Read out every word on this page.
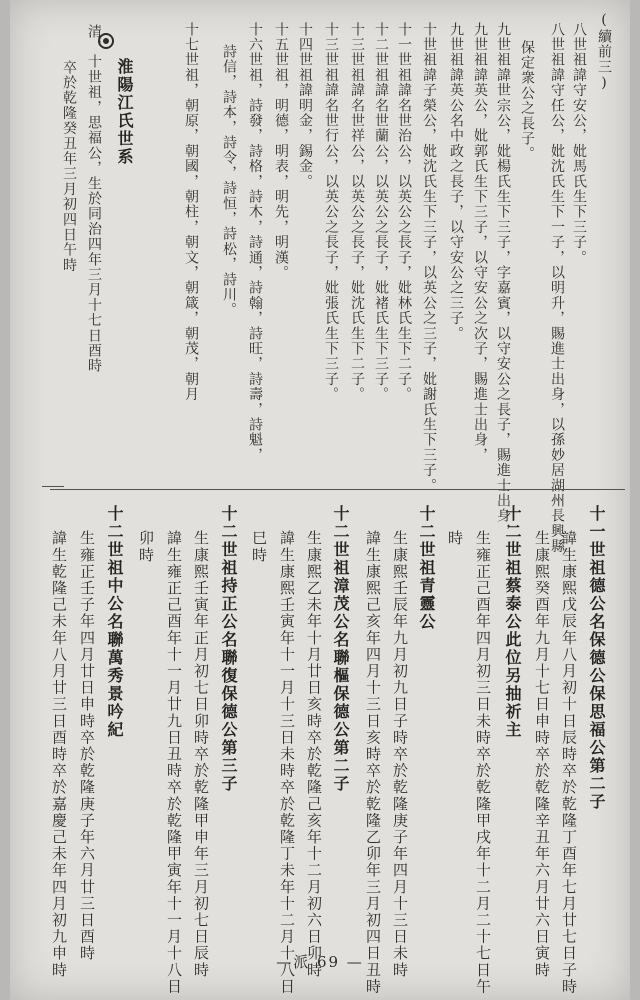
(續前三)
八世祖諱守安公，妣馬氏生下三子。
八世祖諱守任公，妣沈氏生下一子，以明升，賜進士出身，以孫妙居湖州長興縣
保定衆公之長子。
九世祖諱世宗公，妣楊氏生下三子，字嘉賓，以守安公之長子，賜進士出身，
九世祖諱英公，妣郭氏生下三子，以守安公之次子，賜進士出身，
九世祖諱英公名中政之長子，以守安公之三子。
十世祖諱子榮公，妣沈氏生下三子，以英公之三子，妣謝氏生下三子。
十一世祖諱名世治公，以英公之長子，妣林氏生下二子。
十二世祖諱名世蘭公，以英公之長子，妣褚氏生下三子。
十三世祖諱名世祥公，以英公之長子，妣沈氏生下二子。
十三世祖諱名世行公，以英公之長子，妣張氏生下三子。
十四世祖諱明金，錫金。
十五世祖，明德，明表，明先，明漢。
十六世祖，詩發，詩格，詩木，詩通，詩翰，詩旺，詩壽，詩魁，
詩信，詩本，詩令，詩恒，詩松，詩川。
十七世祖，朝原，朝國，朝柱，朝文，朝箴，朝茂，朝月
淮陽江氏世系
清，十世祖，思福公，生於同治四年三月十七日酉時
卒於乾隆癸丑年三月初四日午時
十一世祖德公名保德公保思福公第二子
諱生康熙戊辰年八月初十日辰時卒於乾隆丁酉年七月廿七日子時
生康熙癸酉年九月十七日申時卒於乾隆辛丑年六月廿六日寅時
十二世祖蔡泰公此位另抽祈主
生雍正己酉年四月初三日未時卒於乾隆甲戌年十二月二十七日午
時
十二世祖青靈公
生康熙壬辰年九月初九日子時卒於乾隆庚子年四月十三日未時
諱生康熙己亥年四月十三日亥時卒於乾隆乙卯年三月初四日丑時
十二世祖漳茂公名聯樞保德公第二子
生康熙乙未年十月廿日亥時卒於乾隆己亥年十二月初六日卯時
諱生康熙壬寅年十一月十三日未時卒於乾隆丁未年十二月十八日
巳時
十二世祖持正公名聯復保德公第三子
生康熙壬寅年正月初七日卯時卒於乾隆甲申年三月初七日辰時
諱生雍正己酉年十一月廿九日丑時卒於乾隆甲寅年十一月十八日
卯時
十二世祖中公名聯萬秀景吟紀
生雍正壬子年四月廿日申時卒於乾隆庚子年六月廿三日酉時
諱生乾隆己未年八月廿三日酉時卒於嘉慶己未年四月初九申時	—派 69 —
